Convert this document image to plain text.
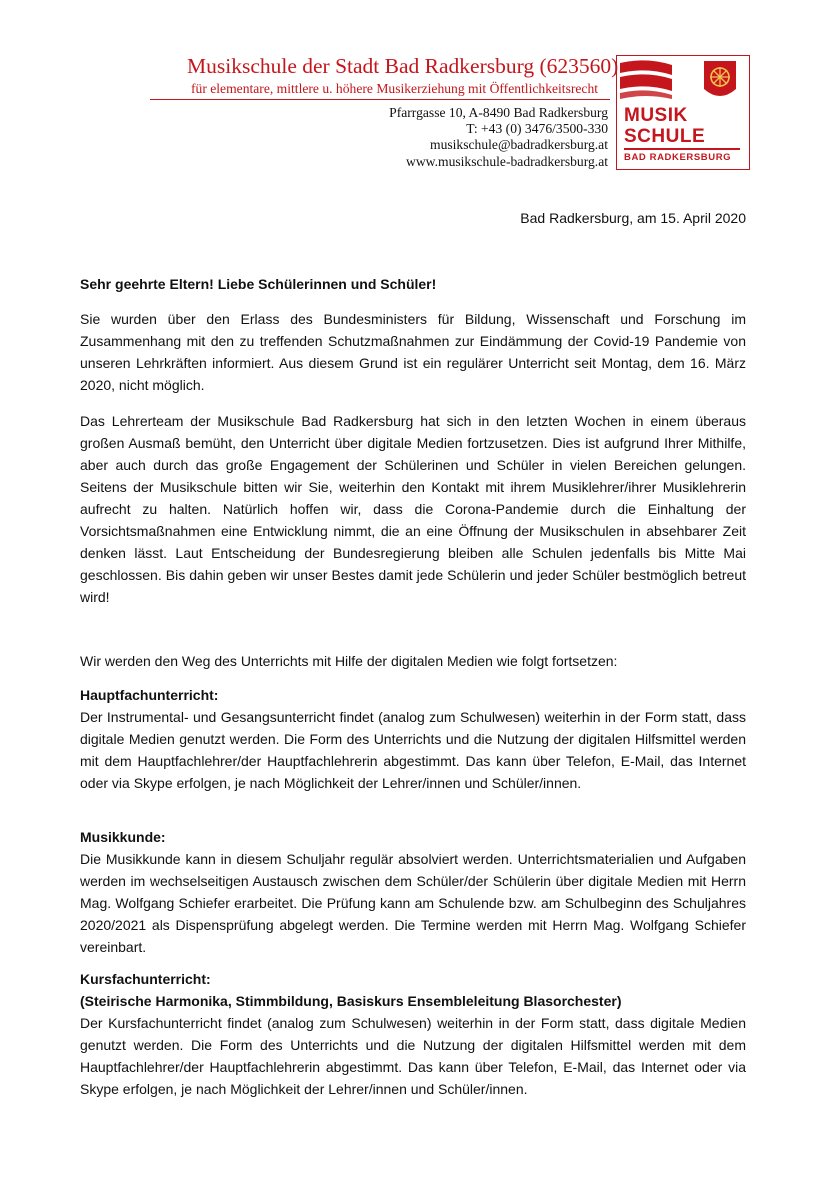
Musikschule der Stadt Bad Radkersburg (623560)
für elementare, mittlere u. höhere Musikerziehung mit Öffentlichkeitsrecht
Pfarrgasse 10, A-8490 Bad Radkersburg
T: +43 (0) 3476/3500-330
musikschule@badradkersburg.at
www.musikschule-badradkersburg.at
MUSIK
SCHULE
BAD RADKERSBURG
Bad Radkersburg, am 15. April 2020
Sehr geehrte Eltern! Liebe Schülerinnen und Schüler!
Sie wurden über den Erlass des Bundesministers für Bildung, Wissenschaft und Forschung im Zusammenhang mit den zu treffenden Schutzmaßnahmen zur Eindämmung der Covid-19 Pandemie von unseren Lehrkräften informiert. Aus diesem Grund ist ein regulärer Unterricht seit Montag, dem 16. März 2020, nicht möglich.
Das Lehrerteam der Musikschule Bad Radkersburg hat sich in den letzten Wochen in einem überaus großen Ausmaß bemüht, den Unterricht über digitale Medien fortzusetzen. Dies ist aufgrund Ihrer Mithilfe, aber auch durch das große Engagement der Schülerinen und Schüler in vielen Bereichen gelungen. Seitens der Musikschule bitten wir Sie, weiterhin den Kontakt mit ihrem Musiklehrer/ihrer Musiklehrerin aufrecht zu halten. Natürlich hoffen wir, dass die Corona-Pandemie durch die Einhaltung der Vorsichtsmaßnahmen eine Entwicklung nimmt, die an eine Öffnung der Musikschulen in absehbarer Zeit denken lässt. Laut Entscheidung der Bundesregierung bleiben alle Schulen jedenfalls bis Mitte Mai geschlossen. Bis dahin geben wir unser Bestes damit jede Schülerin und jeder Schüler bestmöglich betreut wird!
Wir werden den Weg des Unterrichts mit Hilfe der digitalen Medien wie folgt fortsetzen:
Hauptfachunterricht:
Der Instrumental- und Gesangsunterricht findet (analog zum Schulwesen) weiterhin in der Form statt, dass digitale Medien genutzt werden. Die Form des Unterrichts und die Nutzung der digitalen Hilfsmittel werden mit dem Hauptfachlehrer/der Hauptfachlehrerin abgestimmt. Das kann über Telefon, E-Mail, das Internet oder via Skype erfolgen, je nach Möglichkeit der Lehrer/innen und Schüler/innen.
Musikkunde:
Die Musikkunde kann in diesem Schuljahr regulär absolviert werden. Unterrichtsmaterialien und Aufgaben werden im wechselseitigen Austausch zwischen dem Schüler/der Schülerin über digitale Medien mit Herrn Mag. Wolfgang Schiefer erarbeitet. Die Prüfung kann am Schulende bzw. am Schulbeginn des Schuljahres 2020/2021 als Dispensprüfung abgelegt werden. Die Termine werden mit Herrn Mag. Wolfgang Schiefer vereinbart.
Kursfachunterricht:
(Steirische Harmonika, Stimmbildung, Basiskurs Ensembleleitung Blasorchester)
Der Kursfachunterricht findet (analog zum Schulwesen) weiterhin in der Form statt, dass digitale Medien genutzt werden. Die Form des Unterrichts und die Nutzung der digitalen Hilfsmittel werden mit dem Hauptfachlehrer/der Hauptfachlehrerin abgestimmt. Das kann über Telefon, E-Mail, das Internet oder via Skype erfolgen, je nach Möglichkeit der Lehrer/innen und Schüler/innen.
